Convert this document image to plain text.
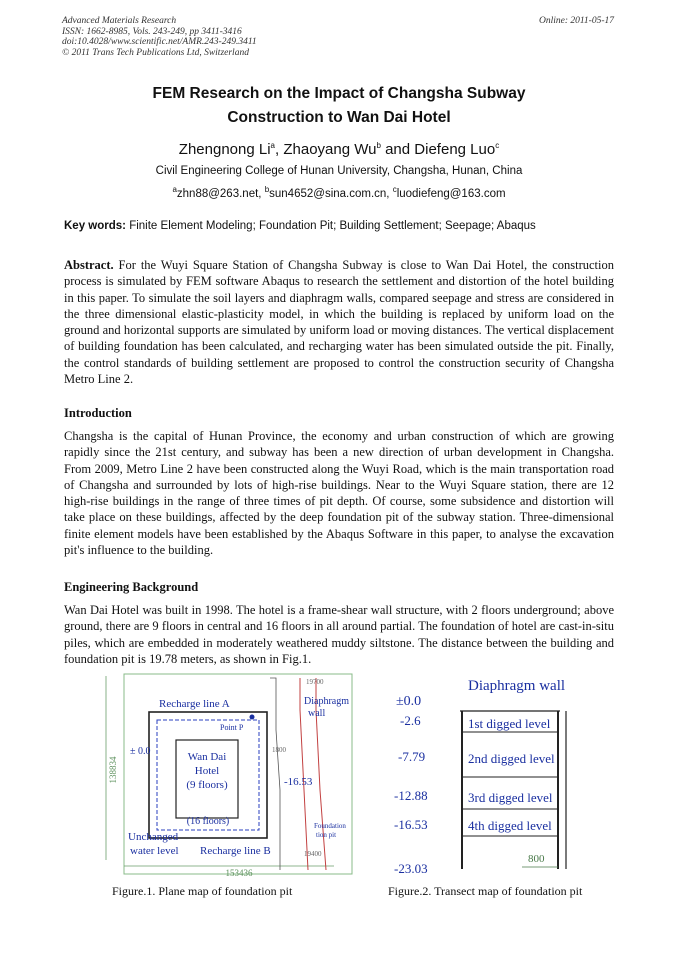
Advanced Materials Research
ISSN: 1662-8985, Vols. 243-249, pp 3411-3416
doi:10.4028/www.scientific.net/AMR.243-249.3411
© 2011 Trans Tech Publications Ltd, Switzerland
Online: 2011-05-17
FEM Research on the Impact of Changsha Subway
Construction to Wan Dai Hotel
Zhengnong Li$^a$, Zhaoyang Wu$^b$ and Diefeng Luo$^c$
Civil Engineering College of Hunan University, Changsha, Hunan, China
$^a$zhn88@263.net, $^b$sun4652@sina.com.cn, $^c$luodiefeng@163.com
Key words: Finite Element Modeling; Foundation Pit; Building Settlement; Seepage; Abaqus
Abstract. For the Wuyi Square Station of Changsha Subway is close to Wan Dai Hotel, the construction process is simulated by FEM software Abaqus to research the settlement and distortion of the hotel building in this paper. To simulate the soil layers and diaphragm walls, compared seepage and stress are considered in the three dimensional elastic-plasticity model, in which the building is replaced by uniform load on the ground and horizontal supports are simulated by uniform load or moving distances. The vertical displacement of building foundation has been calculated, and recharging water has been simulated outside the pit. Finally, the control standards of building settlement are proposed to control the construction security of Changsha Metro Line 2.
Introduction
Changsha is the capital of Hunan Province, the economy and urban construction of which are growing rapidly since the 21st century, and subway has been a new direction of urban development in Changsha. From 2009, Metro Line 2 have been constructed along the Wuyi Road, which is the main transportation road of Changsha and surrounded by lots of high-rise buildings. Near to the Wuyi Square station, there are 12 high-rise buildings in the range of three times of pit depth. Of course, some subsidence and distortion will take place on these buildings, affected by the deep foundation pit of the subway station. Three-dimensional finite element models have been established by the Abaqus Software in this paper, to analyse the excavation pit's influence to the building.
Engineering Background
Wan Dai Hotel was built in 1998. The hotel is a frame-shear wall structure, with 2 floors underground; above ground, there are 9 floors in central and 16 floors in all around partial. The foundation of hotel are cast-in-situ piles, which are embedded in moderately weathered muddy siltstone. The distance between the building and foundation pit is 19.78 meters, as shown in Fig.1.
138834
153436
Recharge line A
Recharge line B
Point P
Wan Dai
Hotel
(9 floors)
(16 floors)
± 0.0
Unchanged
water level
19700
1800
19400
Diaphragm
wall
-16.53
Foundation
tion pit
Diaphragm wall
±0.0
-2.6
-7.79
-12.88
-16.53
-23.03
1st digged level
2nd digged level
3rd digged level
4th digged level
800
Figure.1. Plane map of foundation pit	Figure.2. Transect map of foundation pit
